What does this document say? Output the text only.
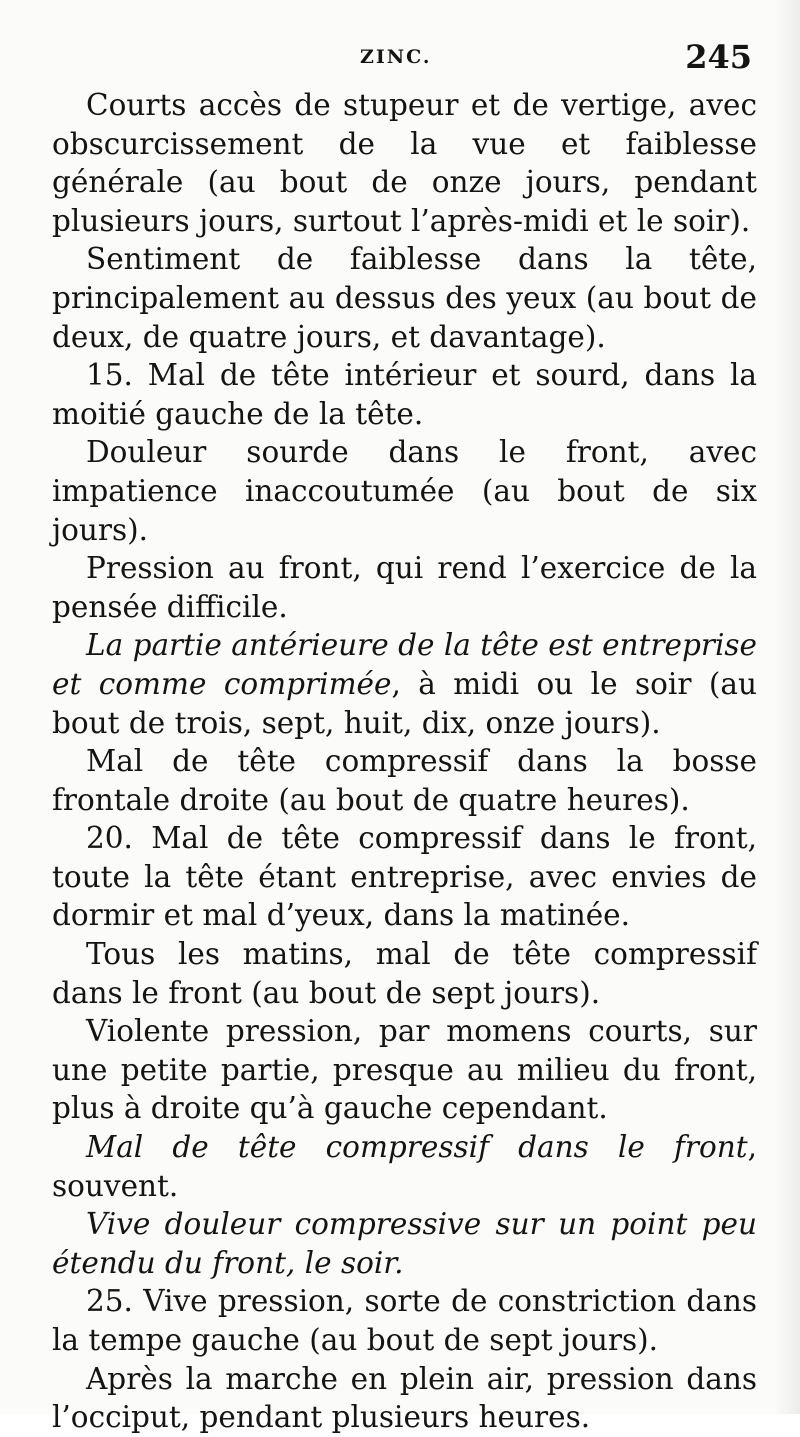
ZINC.	245

Courts accès de stupeur et de vertige, avec obscurcissement de la vue et faiblesse générale (au bout de onze jours, pendant plusieurs jours, surtout l’après-midi et le soir).

Sentiment de faiblesse dans la tête, principalement au dessus des yeux (au bout de deux, de quatre jours, et davantage).

15. Mal de tête intérieur et sourd, dans la moitié gauche de la tête.

Douleur sourde dans le front, avec impatience inaccoutumée (au bout de six jours).

Pression au front, qui rend l’exercice de la pensée difficile.

La partie antérieure de la tête est entreprise et comme comprimée, à midi ou le soir (au bout de trois, sept, huit, dix, onze jours).

Mal de tête compressif dans la bosse frontale droite (au bout de quatre heures).

20. Mal de tête compressif dans le front, toute la tête étant entreprise, avec envies de dormir et mal d’yeux, dans la matinée.

Tous les matins, mal de tête compressif dans le front (au bout de sept jours).

Violente pression, par momens courts, sur une petite partie, presque au milieu du front, plus à droite qu’à gauche cependant.

Mal de tête compressif dans le front, souvent.

Vive douleur compressive sur un point peu étendu du front, le soir.

25. Vive pression, sorte de constriction dans la tempe gauche (au bout de sept jours).

Après la marche en plein air, pression dans l’occiput, pendant plusieurs heures.
